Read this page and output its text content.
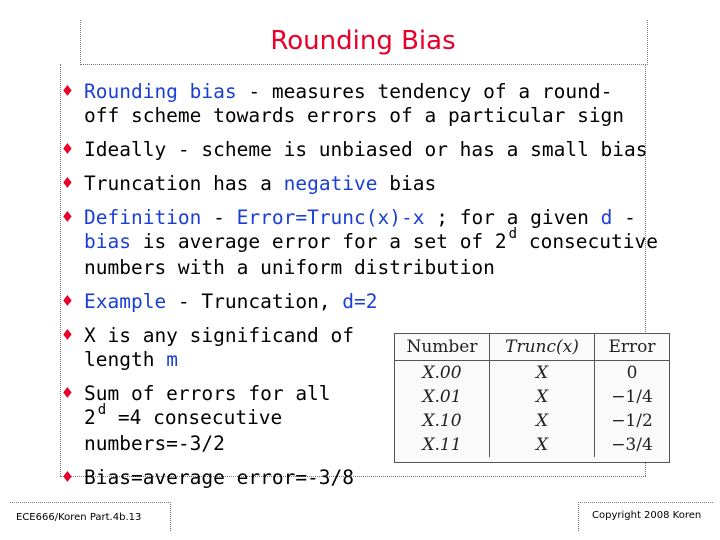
Rounding Bias

♦ Rounding bias - measures tendency of a round-
off scheme towards errors of a particular sign

♦ Ideally - scheme is unbiased or has a small bias

♦ Truncation has a negative bias

♦ Definition - Error=Trunc(x)-x ; for a given d -
bias is average error for a set of 2 $^d$ consecutive
numbers with a uniform distribution

♦ Example - Truncation, d=2

♦ X is any significand of
length m

♦ Sum of errors for all
2 $^d$ =4 consecutive
numbers=-3/2

♦ Bias=average error=-3/8

Number	Trunc(x)	Error
X.00	X	0
X.01	X	−1/4
X.10	X	−1/2
X.11	X	−3/4
ECE666/Koren Part.4b.13	Copyright 2008 Koren
